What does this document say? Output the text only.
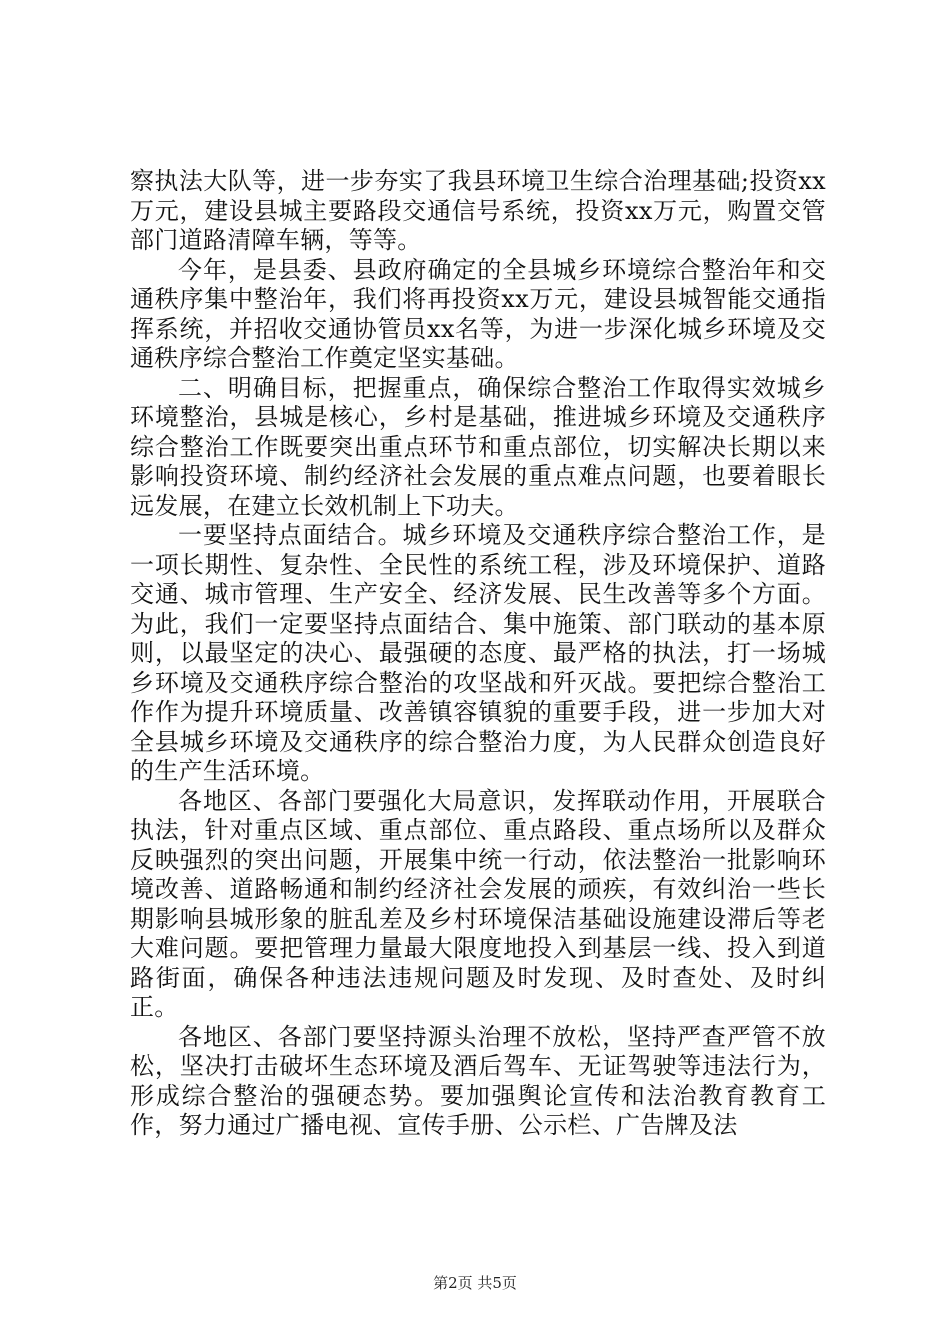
察执法大队等，进一步夯实了我县环境卫生综合治理基础;投资xx万元，建设县城主要路段交通信号系统，投资xx万元，购置交管部门道路清障车辆，等等。

今年，是县委、县政府确定的全县城乡环境综合整治年和交通秩序集中整治年，我们将再投资xx万元，建设县城智能交通指挥系统，并招收交通协管员xx名等，为进一步深化城乡环境及交通秩序综合整治工作奠定坚实基础。

二、明确目标，把握重点，确保综合整治工作取得实效城乡环境整治，县城是核心，乡村是基础，推进城乡环境及交通秩序综合整治工作既要突出重点环节和重点部位，切实解决长期以来影响投资环境、制约经济社会发展的重点难点问题，也要着眼长远发展，在建立长效机制上下功夫。

一要坚持点面结合。城乡环境及交通秩序综合整治工作，是一项长期性、复杂性、全民性的系统工程，涉及环境保护、道路交通、城市管理、生产安全、经济发展、民生改善等多个方面。为此，我们一定要坚持点面结合、集中施策、部门联动的基本原则，以最坚定的决心、最强硬的态度、最严格的执法，打一场城乡环境及交通秩序综合整治的攻坚战和歼灭战。要把综合整治工作作为提升环境质量、改善镇容镇貌的重要手段，进一步加大对全县城乡环境及交通秩序的综合整治力度，为人民群众创造良好的生产生活环境。

各地区、各部门要强化大局意识，发挥联动作用，开展联合执法，针对重点区域、重点部位、重点路段、重点场所以及群众反映强烈的突出问题，开展集中统一行动，依法整治一批影响环境改善、道路畅通和制约经济社会发展的顽疾，有效纠治一些长期影响县城形象的脏乱差及乡村环境保洁基础设施建设滞后等老大难问题。要把管理力量最大限度地投入到基层一线、投入到道路街面，确保各种违法违规问题及时发现、及时查处、及时纠正。

各地区、各部门要坚持源头治理不放松，坚持严查严管不放松，坚决打击破坏生态环境及酒后驾车、无证驾驶等违法行为，形成综合整治的强硬态势。要加强舆论宣传和法治教育教育工作，努力通过广播电视、宣传手册、公示栏、广告牌及法

第2页 共5页
